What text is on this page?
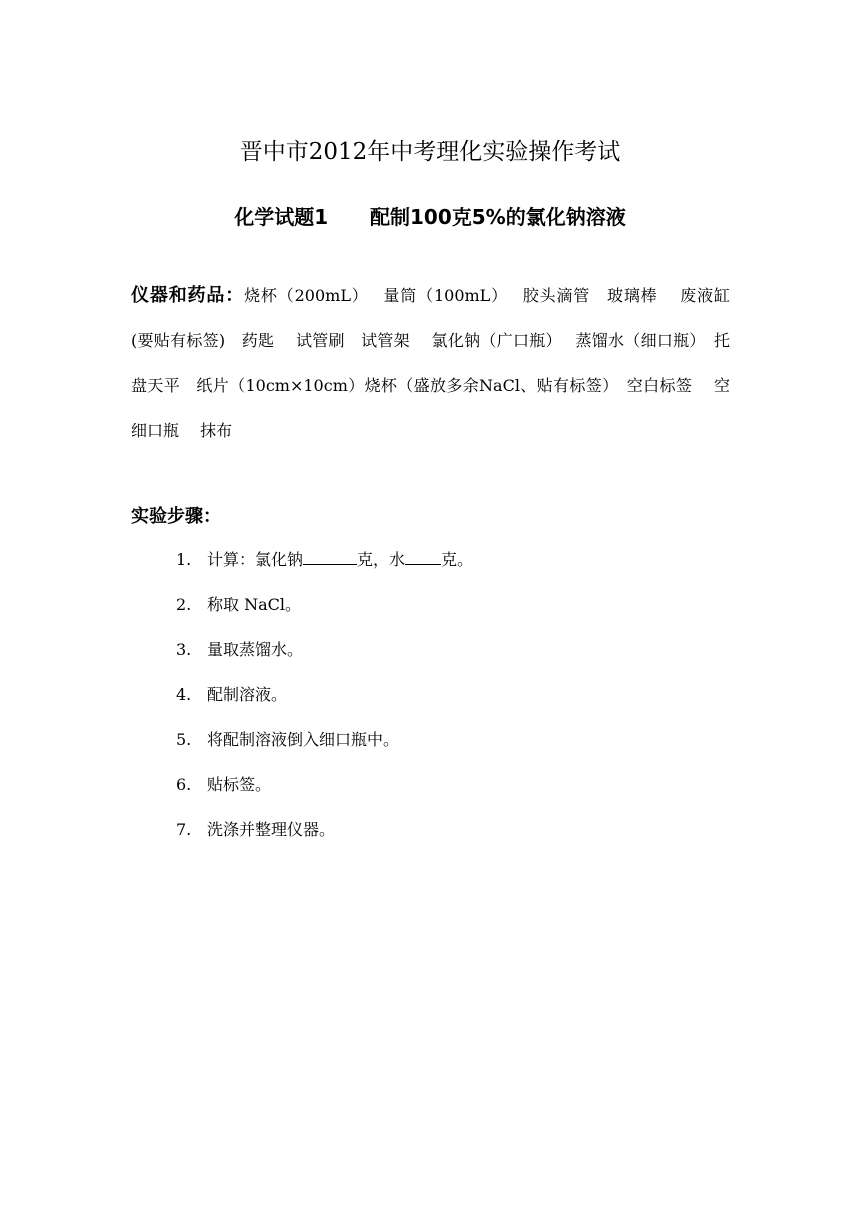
晋中市2012年中考理化实验操作考试
化学试题1 配制100克5%的氯化钠溶液
仪器和药品：烧杯（200mL）　 量筒（100mL）　 胶头滴管　玻璃棒　 废液缸 (要贴有标签)　药匙　 试管刷　试管架　 氯化钠（广口瓶）　 蒸馏水（细口瓶）　托盘天平　纸片（10cm×10cm）烧杯（盛放多余NaCl、贴有标签）　空白标签　 空细口瓶　 抹布
实验步骤：
1. 计算：氯化钠	克，水 克。
2. 称取 NaCl。
3. 量取蒸馏水。
4. 配制溶液。
5. 将配制溶液倒入细口瓶中。
6. 贴标签。
7. 洗涤并整理仪器。
